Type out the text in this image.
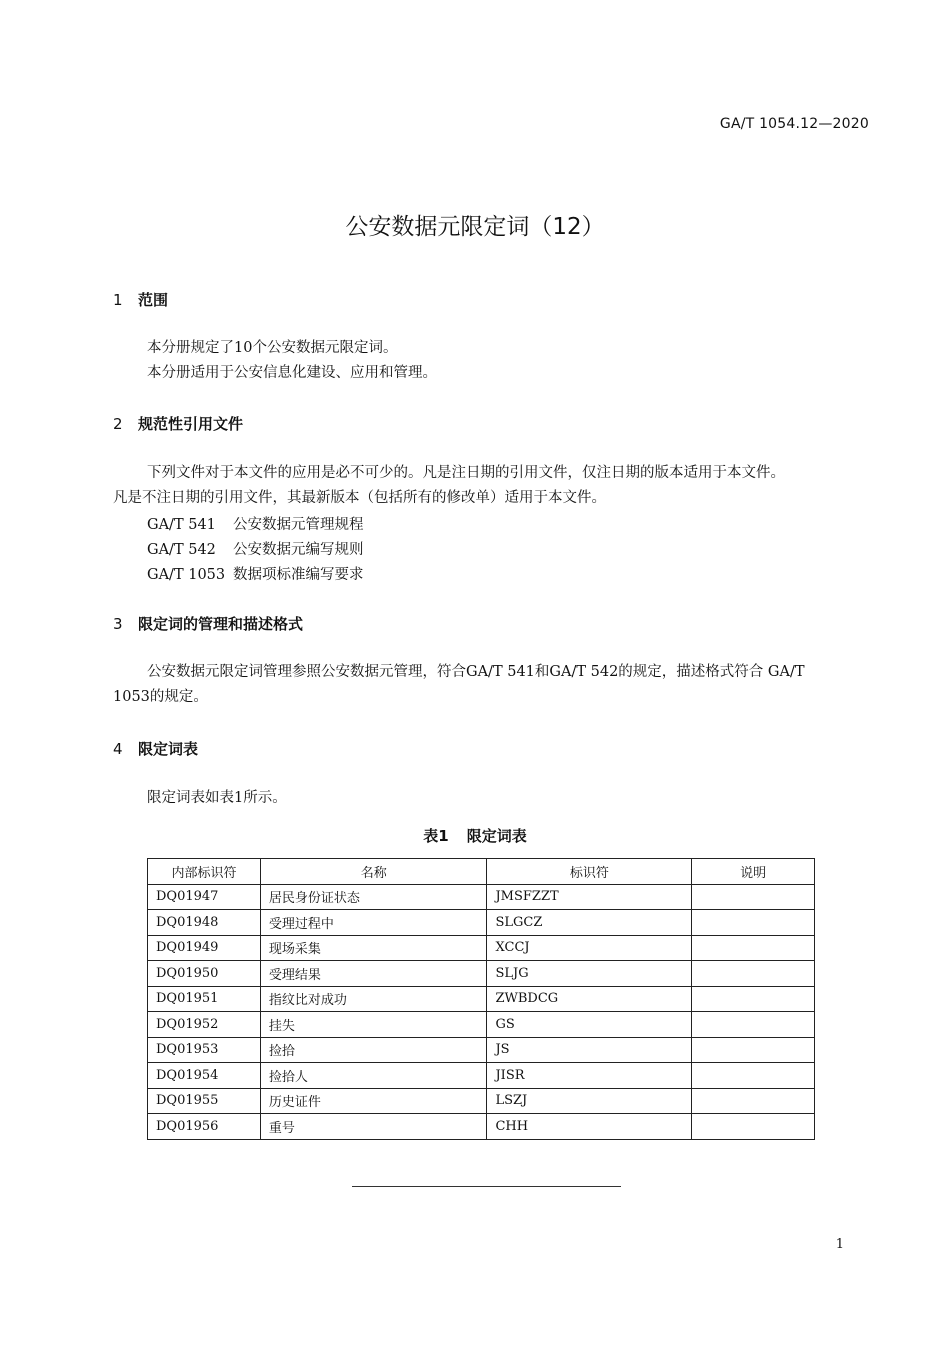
GA/T 1054.12—2020
公安数据元限定词（12）
1 范围
本分册规定了10个公安数据元限定词。
本分册适用于公安信息化建设、应用和管理。
2 规范性引用文件
下列文件对于本文件的应用是必不可少的。凡是注日期的引用文件，仅注日期的版本适用于本文件。
凡是不注日期的引用文件，其最新版本（包括所有的修改单）适用于本文件。
GA/T 541 公安数据元管理规程
GA/T 542 公安数据元编写规则
GA/T 1053 数据项标准编写要求
3 限定词的管理和描述格式
公安数据元限定词管理参照公安数据元管理，符合GA/T 541和GA/T 542的规定，描述格式符合 GA/T
1053的规定。
4 限定词表
限定词表如表1所示。
表1 限定词表
内部标识符	名称	标识符	说明
DQ01947	居民身份证状态	JMSFZZT	
DQ01948	受理过程中	SLGCZ	
DQ01949	现场采集	XCCJ	
DQ01950	受理结果	SLJG	
DQ01951	指纹比对成功	ZWBDCG	
DQ01952	挂失	GS	
DQ01953	捡拾	JS	
DQ01954	捡拾人	JISR	
DQ01955	历史证件	LSZJ	
DQ01956	重号	CHH	
1
